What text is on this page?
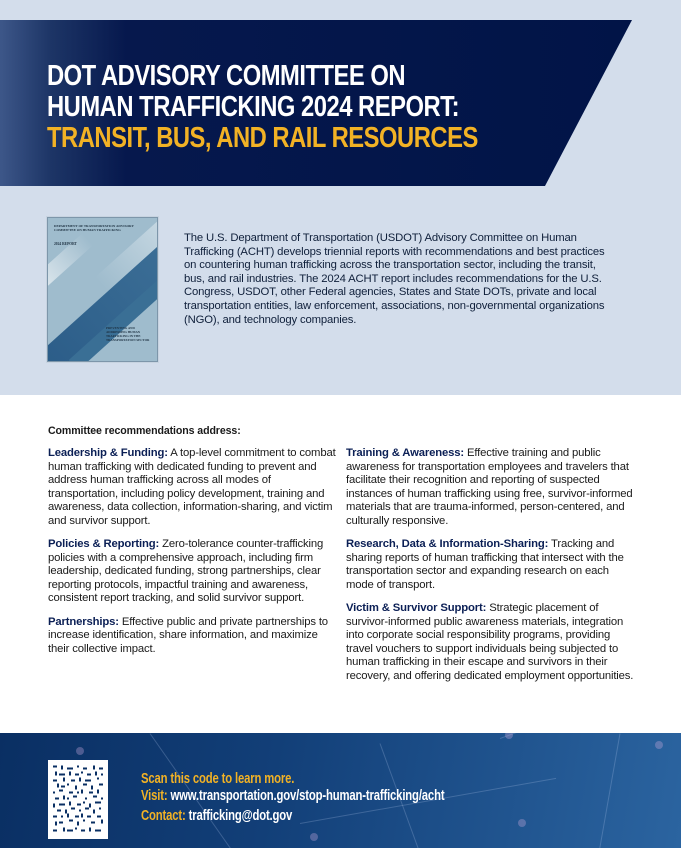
DOT ADVISORY COMMITTEE ON
HUMAN TRAFFICKING 2024 REPORT:
TRANSIT, BUS, AND RAIL RESOURCES
DEPARTMENT OF TRANSPORTATION ADVISORY COMMITTEE ON HUMAN TRAFFICKING
2024 REPORT
PREVENTING AND ADDRESSING HUMAN TRAFFICKING IN THE TRANSPORTATION SECTOR

The U.S. Department of Transportation (USDOT) Advisory Committee on Human Trafficking (ACHT) develops triennial reports with recommendations and best practices on countering human trafficking across the transportation sector, including the transit, bus, and rail industries. The 2024 ACHT report includes recommendations for the U.S. Congress, USDOT, other Federal agencies, States and State DOTs, private and local transportation entities, law enforcement, associations, non-governmental organizations (NGO), and technology companies.

Committee recommendations address:

Leadership & Funding: A top-level commitment to combat human trafficking with dedicated funding to prevent and address human trafficking across all modes of transportation, including policy development, training and awareness, data collection, information-sharing, and victim and survivor support.

Policies & Reporting: Zero-tolerance counter-trafficking policies with a comprehensive approach, including firm leadership, dedicated funding, strong partnerships, clear reporting protocols, impactful training and awareness, consistent report tracking, and solid survivor support.

Partnerships: Effective public and private partnerships to increase identification, share information, and maximize their collective impact.

Training & Awareness: Effective training and public awareness for transportation employees and travelers that facilitate their recognition and reporting of suspected instances of human trafficking using free, survivor-informed materials that are trauma-informed, person-centered, and culturally responsive.

Research, Data & Information-Sharing: Tracking and sharing reports of human trafficking that intersect with the transportation sector and expanding research on each mode of transport.

Victim & Survivor Support: Strategic placement of survivor-informed public awareness materials, integration into corporate social responsibility programs, providing travel vouchers to support individuals being subjected to human trafficking in their escape and survivors in their recovery, and offering dedicated employment opportunities.

Scan this code to learn more.
Visit: www.transportation.gov/stop-human-trafficking/acht
Contact: trafficking@dot.gov
